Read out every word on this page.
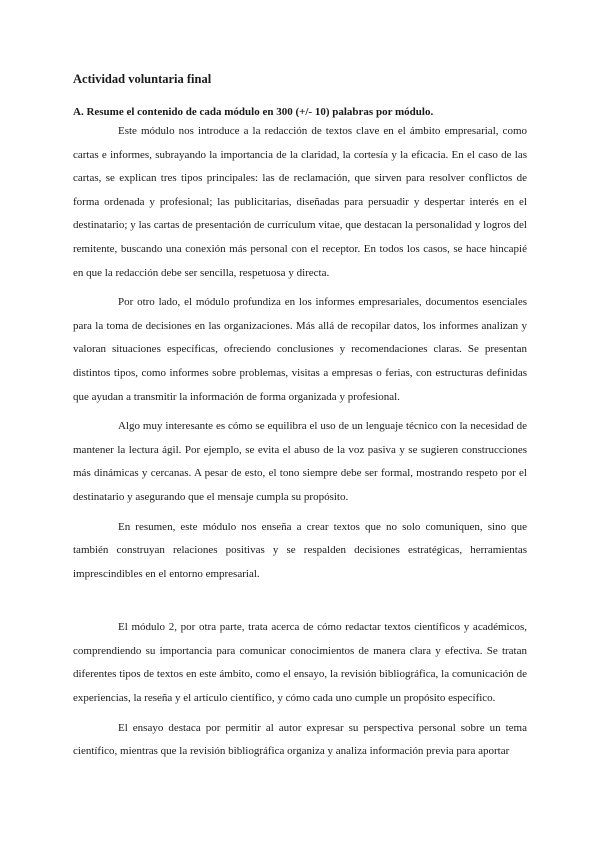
Actividad voluntaria final
A. Resume el contenido de cada módulo en 300 (+/- 10) palabras por módulo.

Este módulo nos introduce a la redacción de textos clave en el ámbito empresarial, como cartas e informes, subrayando la importancia de la claridad, la cortesía y la eficacia. En el caso de las cartas, se explican tres tipos principales: las de reclamación, que sirven para resolver conflictos de forma ordenada y profesional; las publicitarias, diseñadas para persuadir y despertar interés en el destinatario; y las cartas de presentación de currículum vitae, que destacan la personalidad y logros del remitente, buscando una conexión más personal con el receptor. En todos los casos, se hace hincapié en que la redacción debe ser sencilla, respetuosa y directa.

Por otro lado, el módulo profundiza en los informes empresariales, documentos esenciales para la toma de decisiones en las organizaciones. Más allá de recopilar datos, los informes analizan y valoran situaciones específicas, ofreciendo conclusiones y recomendaciones claras. Se presentan distintos tipos, como informes sobre problemas, visitas a empresas o ferias, con estructuras definidas que ayudan a transmitir la información de forma organizada y profesional.

Algo muy interesante es cómo se equilibra el uso de un lenguaje técnico con la necesidad de mantener la lectura ágil. Por ejemplo, se evita el abuso de la voz pasiva y se sugieren construcciones más dinámicas y cercanas. A pesar de esto, el tono siempre debe ser formal, mostrando respeto por el destinatario y asegurando que el mensaje cumpla su propósito.

En resumen, este módulo nos enseña a crear textos que no solo comuniquen, sino que también construyan relaciones positivas y se respalden decisiones estratégicas, herramientas imprescindibles en el entorno empresarial.

El módulo 2, por otra parte, trata acerca de cómo redactar textos científicos y académicos, comprendiendo su importancia para comunicar conocimientos de manera clara y efectiva. Se tratan diferentes tipos de textos en este ámbito, como el ensayo, la revisión bibliográfica, la comunicación de experiencias, la reseña y el artículo científico, y cómo cada uno cumple un propósito específico.

El ensayo destaca por permitir al autor expresar su perspectiva personal sobre un tema científico, mientras que la revisión bibliográfica organiza y analiza información previa para aportar
